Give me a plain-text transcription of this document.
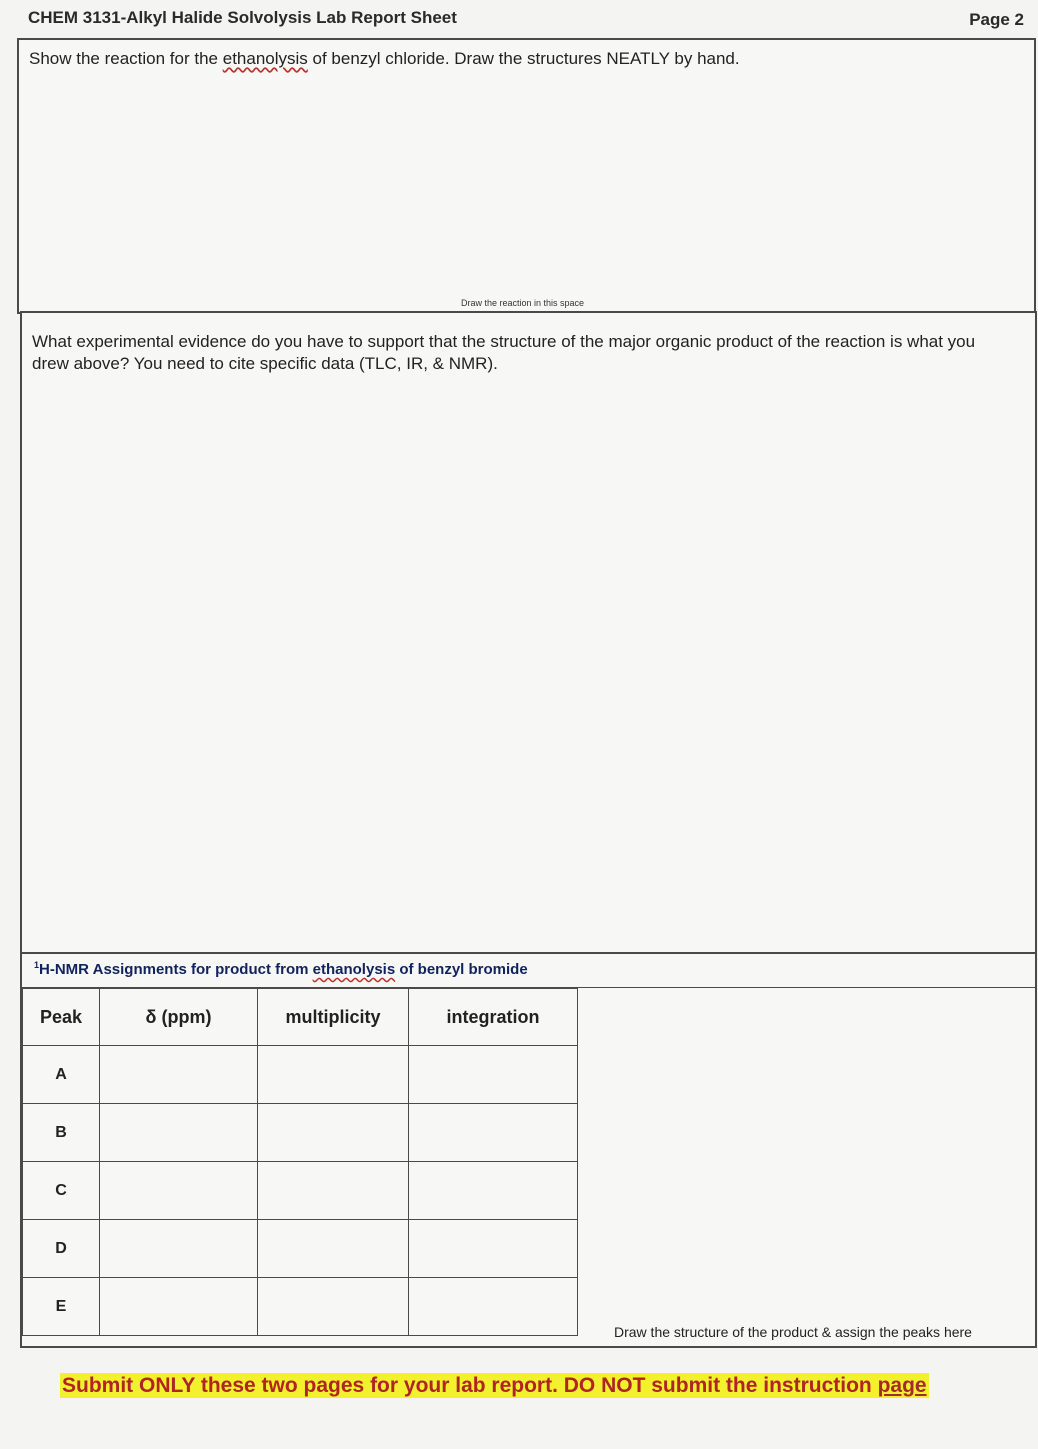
CHEM 3131-Alkyl Halide Solvolysis Lab Report Sheet	Page 2
Show the reaction for the ethanolysis of benzyl chloride. Draw the structures NEATLY by hand.
Draw the reaction in this space
What experimental evidence do you have to support that the structure of the major organic product of the reaction is what you drew above? You need to cite specific data (TLC, IR, & NMR).
$^1$H-NMR Assignments for product from ethanolysis of benzyl bromide
Peak	δ (ppm)	multiplicity	integration
A			
B			
C			
D			
E			
Draw the structure of the product & assign the peaks here
Submit ONLY these two pages for your lab report. DO NOT submit the instruction page
